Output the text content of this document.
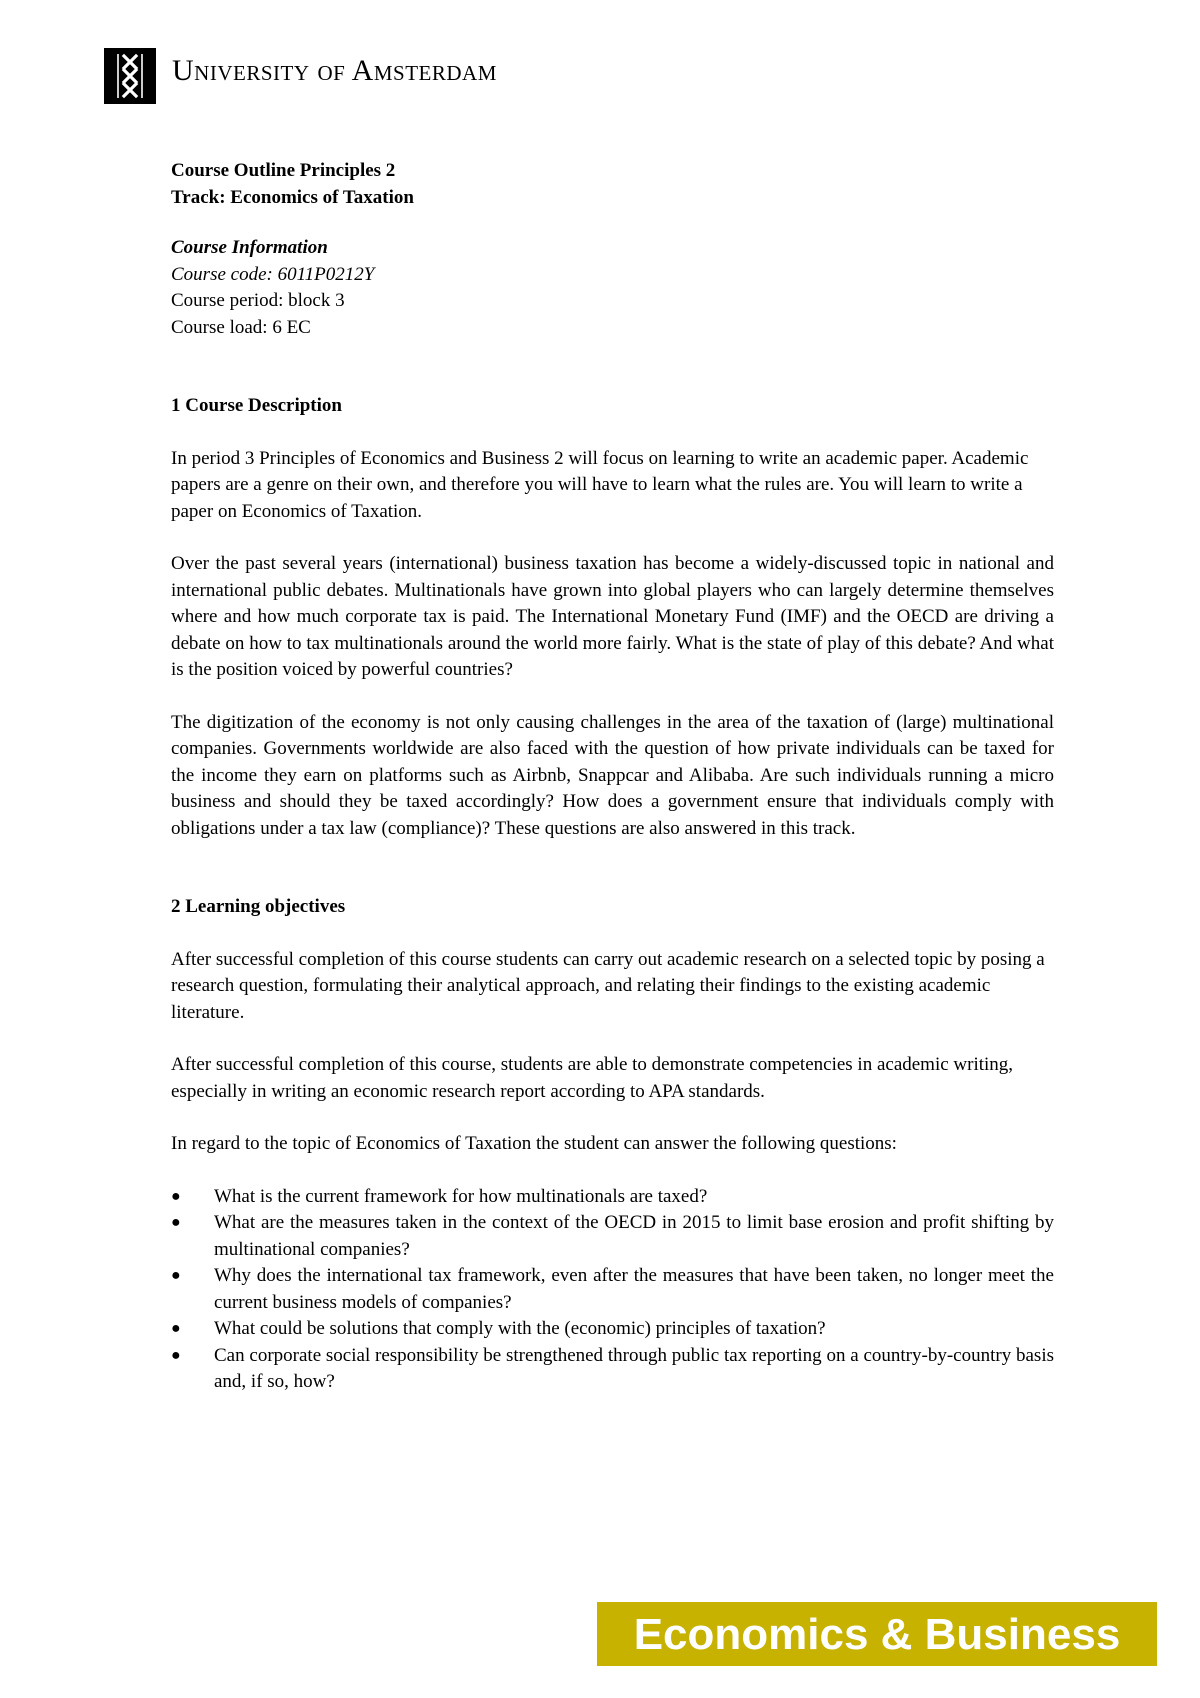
University of Amsterdam

Course Outline Principles 2

Track: Economics of Taxation

Course Information

Course code: 6011P0212Y

Course period: block 3

Course load: 6 EC

1 Course Description

In period 3 Principles of Economics and Business 2 will focus on learning to write an academic paper. Academic papers are a genre on their own, and therefore you will have to learn what the rules are. You will learn to write a paper on Economics of Taxation.

Over the past several years (international) business taxation has become a widely-discussed topic in national and international public debates. Multinationals have grown into global players who can largely determine themselves where and how much corporate tax is paid. The International Monetary Fund (IMF) and the OECD are driving a debate on how to tax multinationals around the world more fairly. What is the state of play of this debate? And what is the position voiced by powerful countries?

The digitization of the economy is not only causing challenges in the area of the taxation of (large) multinational companies. Governments worldwide are also faced with the question of how private individuals can be taxed for the income they earn on platforms such as Airbnb, Snappcar and Alibaba. Are such individuals running a micro business and should they be taxed accordingly? How does a government ensure that individuals comply with obligations under a tax law (compliance)? These questions are also answered in this track.

2 Learning objectives

After successful completion of this course students can carry out academic research on a selected topic by posing a research question, formulating their analytical approach, and relating their findings to the existing academic literature.

After successful completion of this course, students are able to demonstrate competencies in academic writing, especially in writing an economic research report according to APA standards.

In regard to the topic of Economics of Taxation the student can answer the following questions:

● What is the current framework for how multinationals are taxed?
● What are the measures taken in the context of the OECD in 2015 to limit base erosion and profit shifting by multinational companies?
● Why does the international tax framework, even after the measures that have been taken, no longer meet the current business models of companies?
● What could be solutions that comply with the (economic) principles of taxation?
● Can corporate social responsibility be strengthened through public tax reporting on a country-by-country basis and, if so, how?
Economics & Business
